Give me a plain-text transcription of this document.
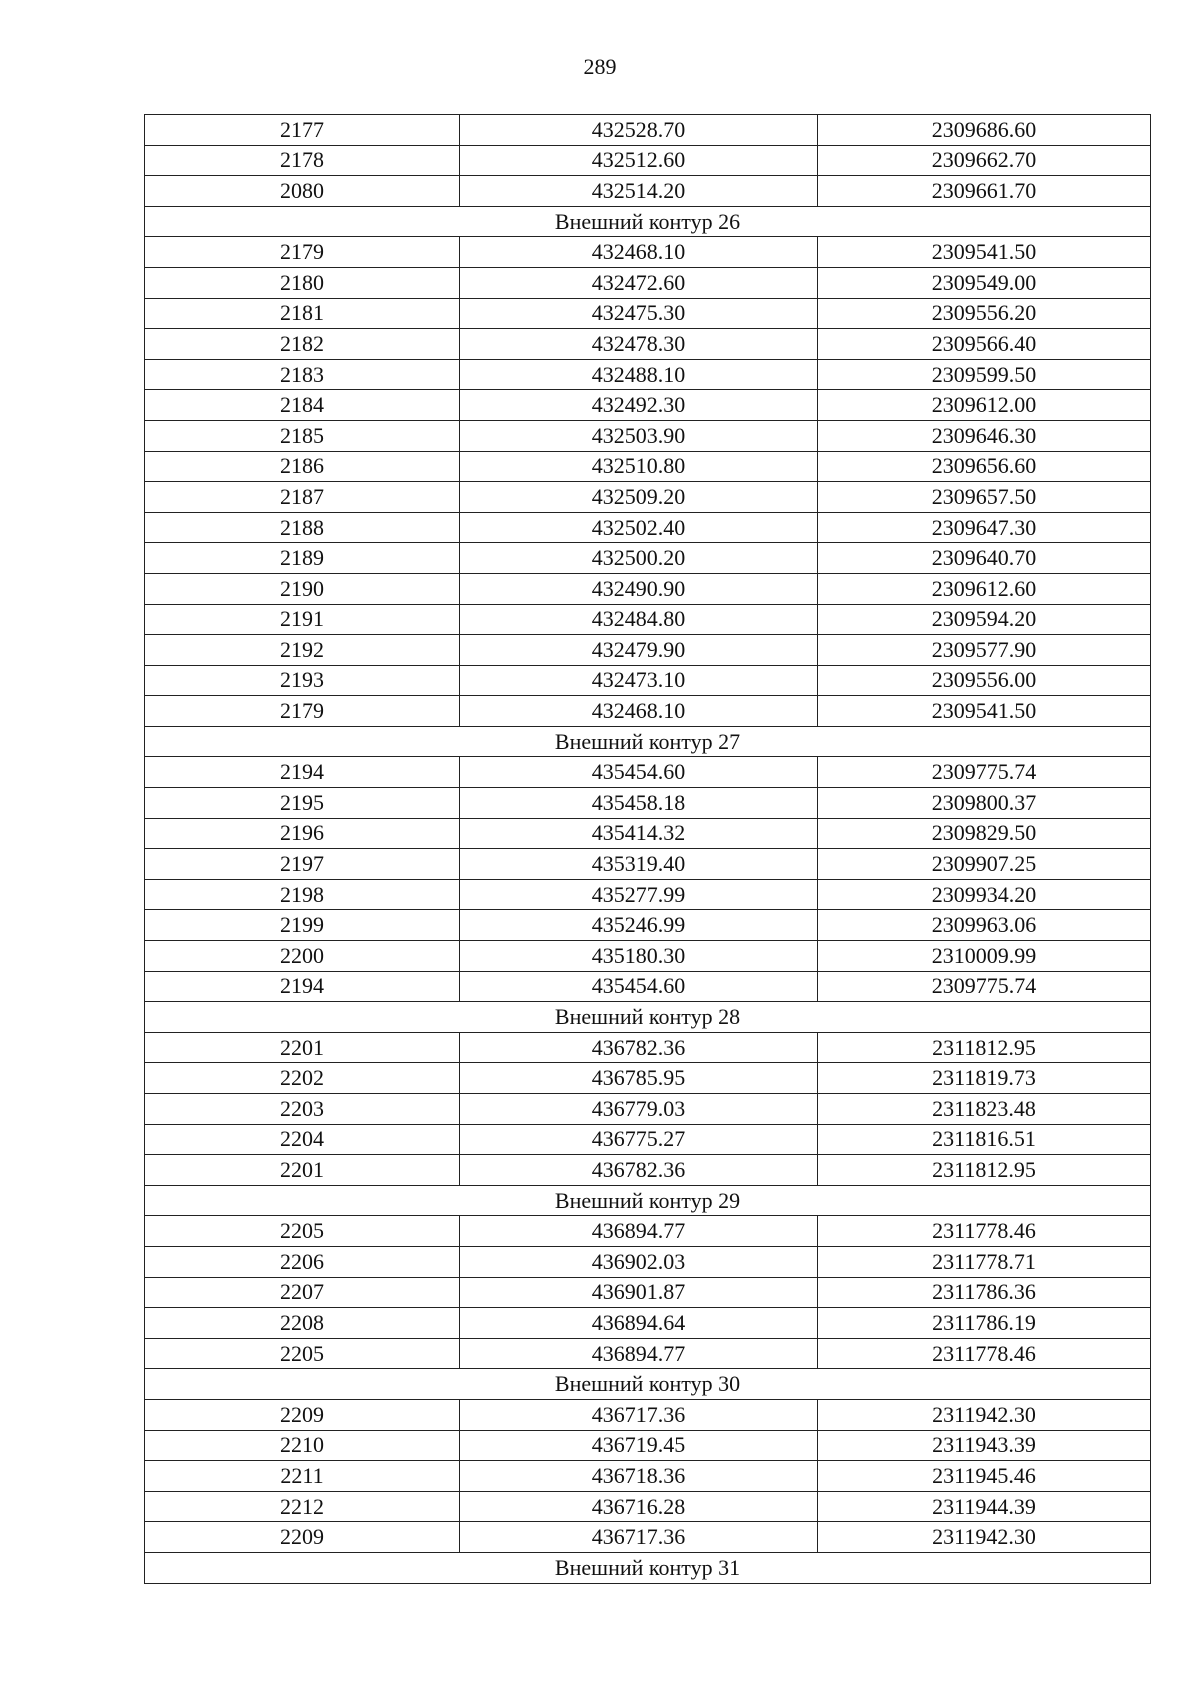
289
2177	432528.70	2309686.60
2178	432512.60	2309662.70
2080	432514.20	2309661.70
Внешний контур 26		
2179	432468.10	2309541.50
2180	432472.60	2309549.00
2181	432475.30	2309556.20
2182	432478.30	2309566.40
2183	432488.10	2309599.50
2184	432492.30	2309612.00
2185	432503.90	2309646.30
2186	432510.80	2309656.60
2187	432509.20	2309657.50
2188	432502.40	2309647.30
2189	432500.20	2309640.70
2190	432490.90	2309612.60
2191	432484.80	2309594.20
2192	432479.90	2309577.90
2193	432473.10	2309556.00
2179	432468.10	2309541.50
Внешний контур 27		
2194	435454.60	2309775.74
2195	435458.18	2309800.37
2196	435414.32	2309829.50
2197	435319.40	2309907.25
2198	435277.99	2309934.20
2199	435246.99	2309963.06
2200	435180.30	2310009.99
2194	435454.60	2309775.74
Внешний контур 28		
2201	436782.36	2311812.95
2202	436785.95	2311819.73
2203	436779.03	2311823.48
2204	436775.27	2311816.51
2201	436782.36	2311812.95
Внешний контур 29		
2205	436894.77	2311778.46
2206	436902.03	2311778.71
2207	436901.87	2311786.36
2208	436894.64	2311786.19
2205	436894.77	2311778.46
Внешний контур 30		
2209	436717.36	2311942.30
2210	436719.45	2311943.39
2211	436718.36	2311945.46
2212	436716.28	2311944.39
2209	436717.36	2311942.30
Внешний контур 31		
